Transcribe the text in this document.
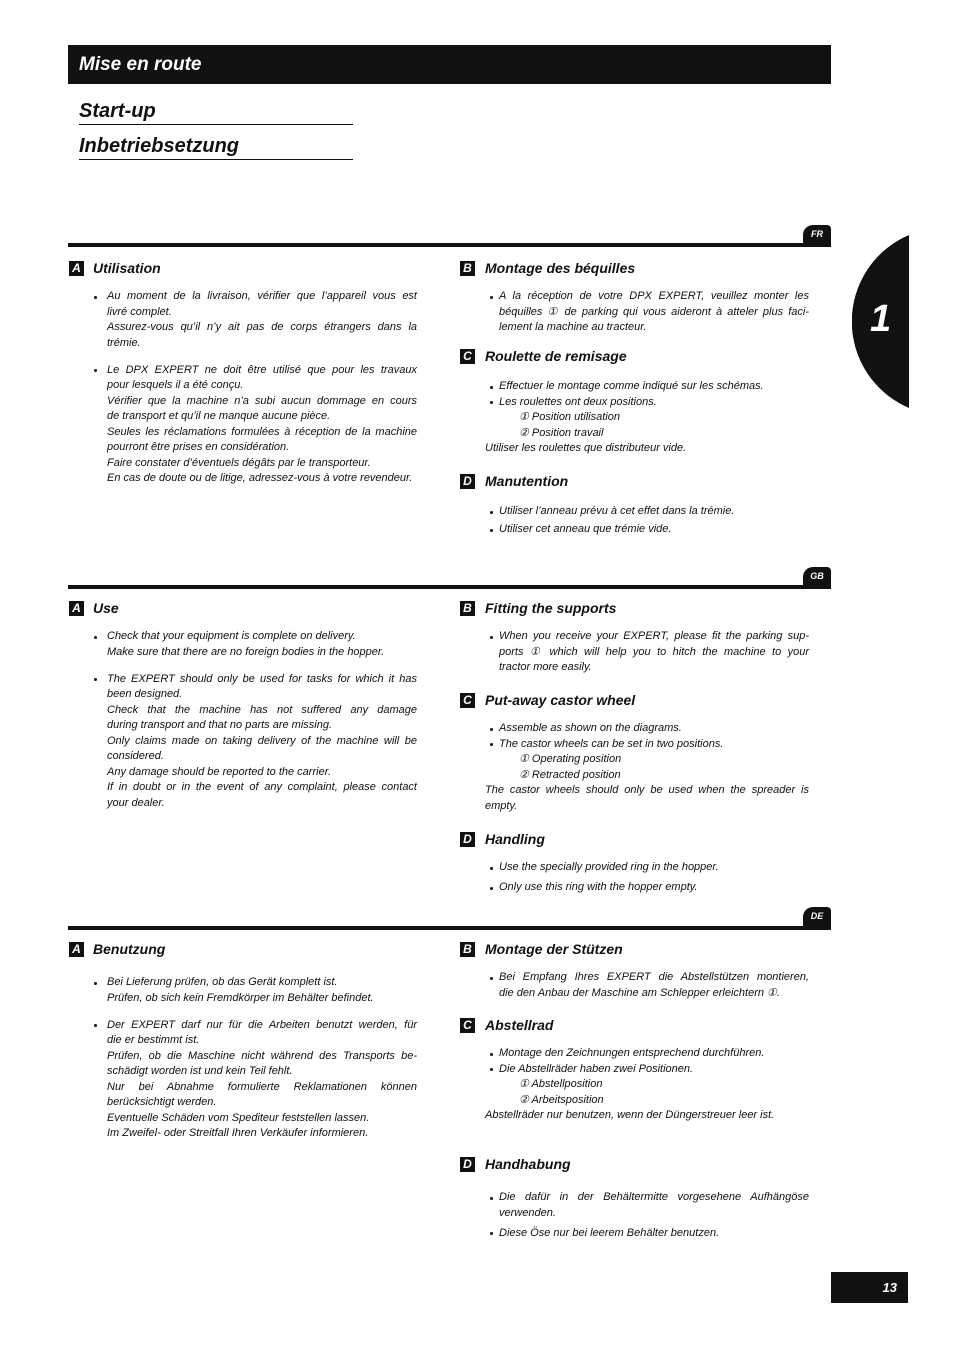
Mise en route
Start-up
Inbetriebsetzung
1
FR
A Utilisation
Au moment de la livraison, vérifier que l’appareil vous est
livré complet.
Assurez-vous qu’il n’y ait pas de corps étrangers dans la
trémie.
Le DPX EXPERT ne doit être utilisé que pour les travaux
pour lesquels il a été conçu.
Vérifier que la machine n’a subi aucun dommage en cours
de transport et qu’il ne manque aucune pièce.
Seules les réclamations formulées à réception de la machine
pourront être prises en considération.
Faire constater d’éventuels dégâts par le transporteur.
En cas de doute ou de litige, adressez-vous à votre revendeur.
B Montage des béquilles
A la réception de votre DPX EXPERT, veuillez monter les
béquilles ① de parking qui vous aideront à atteler plus faci-
lement la machine au tracteur.
C Roulette de remisage
Effectuer le montage comme indiqué sur les schémas.
Les roulettes ont deux positions.
① Position utilisation
② Position travail
Utiliser les roulettes que distributeur vide.
D Manutention
Utiliser l’anneau prévu à cet effet dans la trémie.
Utiliser cet anneau que trémie vide.
GB
A Use
Check that your equipment is complete on delivery.
Make sure that there are no foreign bodies in the hopper.
The EXPERT should only be used for tasks for which it has
been designed.
Check that the machine has not suffered any damage
during transport and that no parts are missing.
Only claims made on taking delivery of the machine will be
considered.
Any damage should be reported to the carrier.
If in doubt or in the event of any complaint, please contact
your dealer.
B Fitting the supports
When you receive your EXPERT, please fit the parking sup-
ports ① which will help you to hitch the machine to your
tractor more easily.
C Put-away castor wheel
Assemble as shown on the diagrams.
The castor wheels can be set in two positions.
① Operating position
② Retracted position
The castor wheels should only be used when the spreader is
empty.
D Handling
Use the specially provided ring in the hopper.
Only use this ring with the hopper empty.
DE
A Benutzung
Bei Lieferung prüfen, ob das Gerät komplett ist.
Prüfen, ob sich kein Fremdkörper im Behälter befindet.
Der EXPERT darf nur für die Arbeiten benutzt werden, für
die er bestimmt ist.
Prüfen, ob die Maschine nicht während des Transports be-
schädigt worden ist und kein Teil fehlt.
Nur bei Abnahme formulierte Reklamationen können
berücksichtigt werden.
Eventuelle Schäden vom Spediteur feststellen lassen.
Im Zweifel- oder Streitfall Ihren Verkäufer informieren.
B Montage der Stützen
Bei Empfang Ihres EXPERT die Abstellstützen montieren,
die den Anbau der Maschine am Schlepper erleichtern ①.
C Abstellrad
Montage den Zeichnungen entsprechend durchführen.
Die Abstellräder haben zwei Positionen.
① Abstellposition
② Arbeitsposition
Abstellräder nur benutzen, wenn der Düngerstreuer leer ist.
D Handhabung
Die dafür in der Behältermitte vorgesehene Aufhängöse
verwenden.
Diese Öse nur bei leerem Behälter benutzen.
13
